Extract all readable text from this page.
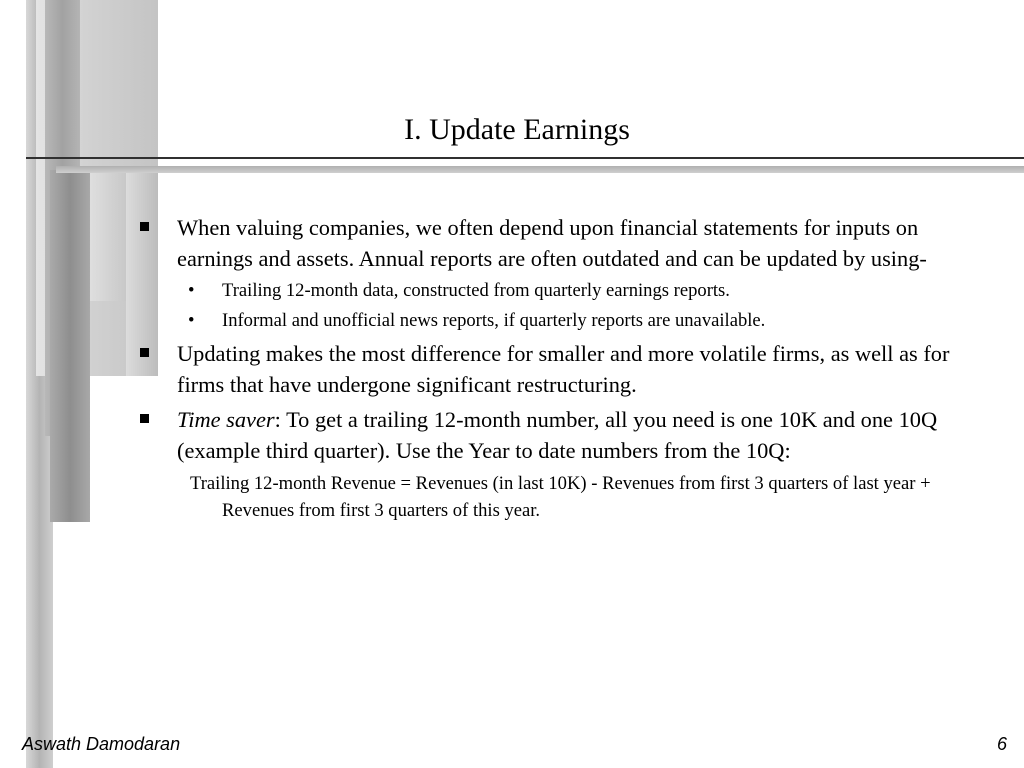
I. Update Earnings
When valuing companies, we often depend upon financial statements for inputs on earnings and assets. Annual reports are often outdated and can be updated by using-
• Trailing 12-month data, constructed from quarterly earnings reports.
• Informal and unofficial news reports, if quarterly reports are unavailable.
Updating makes the most difference for smaller and more volatile firms, as well as for firms that have undergone significant restructuring.
Time saver: To get a trailing 12-month number, all you need is one 10K and one 10Q (example third quarter). Use the Year to date numbers from the 10Q:
Trailing 12-month Revenue = Revenues (in last 10K) - Revenues from first 3 quarters of last year + Revenues from first 3 quarters of this year.
Aswath Damodaran	6
